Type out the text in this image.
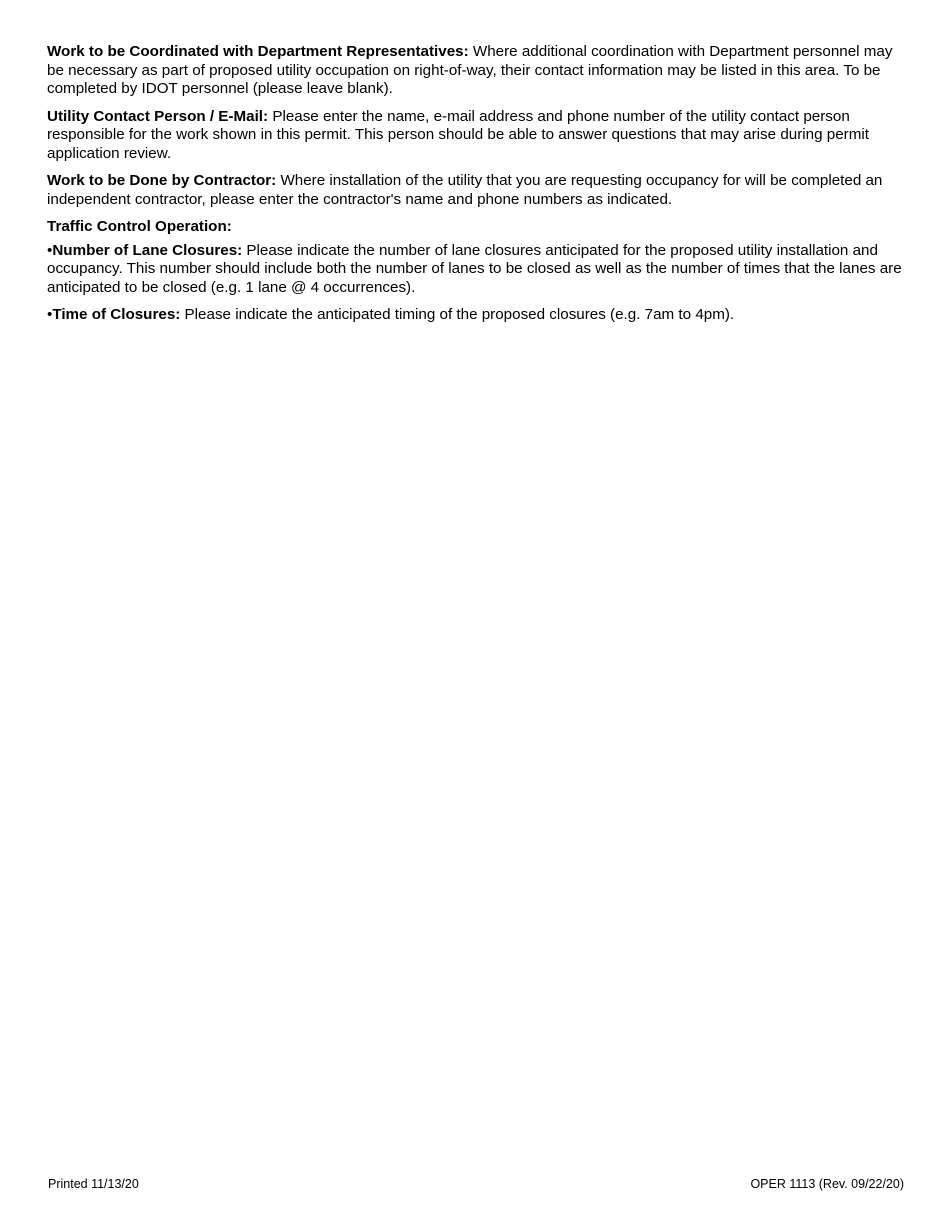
Work to be Coordinated with Department Representatives: Where additional coordination with Department personnel may be necessary as part of proposed utility occupation on right-of-way, their contact information may be listed in this area. To be completed by IDOT personnel (please leave blank).

Utility Contact Person / E-Mail: Please enter the name, e-mail address and phone number of the utility contact person responsible for the work shown in this permit. This person should be able to answer questions that may arise during permit application review.

Work to be Done by Contractor: Where installation of the utility that you are requesting occupancy for will be completed an independent contractor, please enter the contractor's name and phone numbers as indicated.

Traffic Control Operation:

•Number of Lane Closures: Please indicate the number of lane closures anticipated for the proposed utility installation and occupancy. This number should include both the number of lanes to be closed as well as the number of times that the lanes are anticipated to be closed (e.g. 1 lane @ 4 occurrences).

•Time of Closures: Please indicate the anticipated timing of the proposed closures (e.g. 7am to 4pm).

Printed 11/13/20	OPER 1113 (Rev. 09/22/20)
